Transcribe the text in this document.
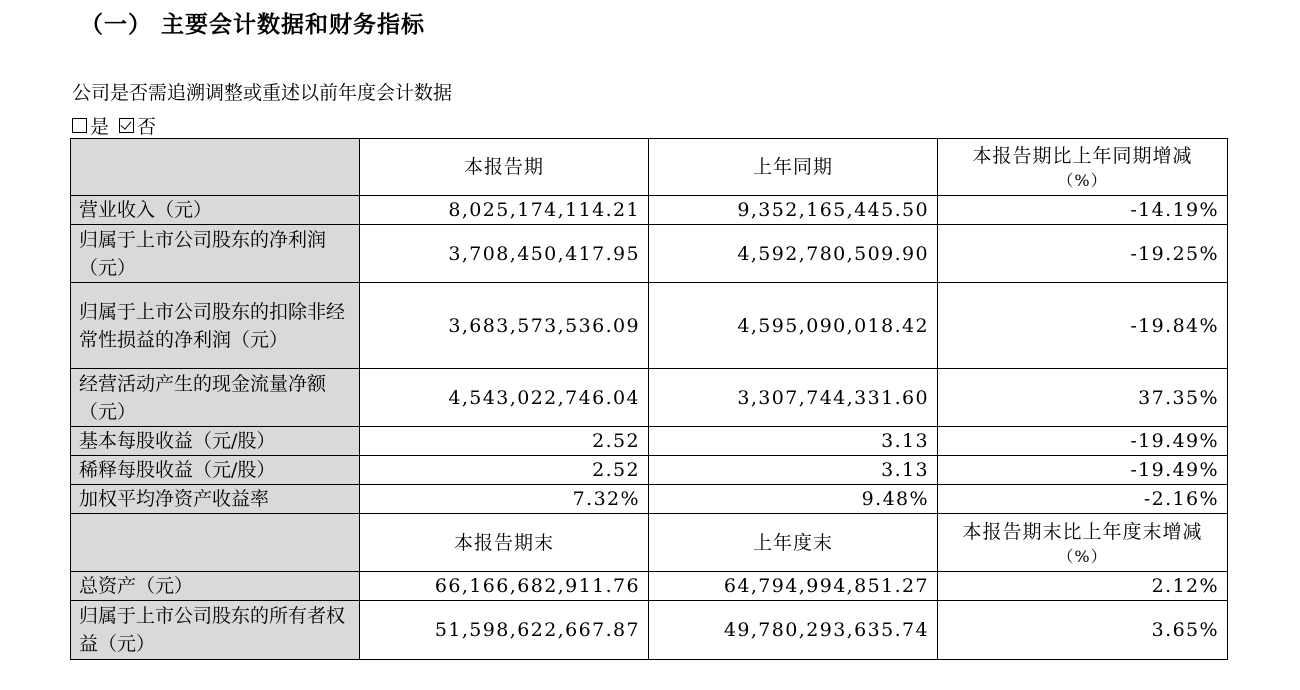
（一） 主要会计数据和财务指标
公司是否需追溯调整或重述以前年度会计数据
是 否
	本报告期	上年同期	本报告期比上年同期增减
（%）

营业收入（元）	8,025,174,114.21	9,352,165,445.50	-14.19%
归属于上市公司股东的净利润（元）	3,708,450,417.95	4,592,780,509.90	-19.25%
归属于上市公司股东的扣除非经常性损益的净利润（元）	3,683,573,536.09	4,595,090,018.42	-19.84%
经营活动产生的现金流量净额（元）	4,543,022,746.04	3,307,744,331.60	37.35%
基本每股收益（元/股）	2.52	3.13	-19.49%
稀释每股收益（元/股）	2.52	3.13	-19.49%
加权平均净资产收益率	7.32%	9.48%	-2.16%
	本报告期末	上年度末	本报告期末比上年度末增减
（%）

总资产（元）	66,166,682,911.76	64,794,994,851.27	2.12%
归属于上市公司股东的所有者权益（元）	51,598,622,667.87	49,780,293,635.74	3.65%
